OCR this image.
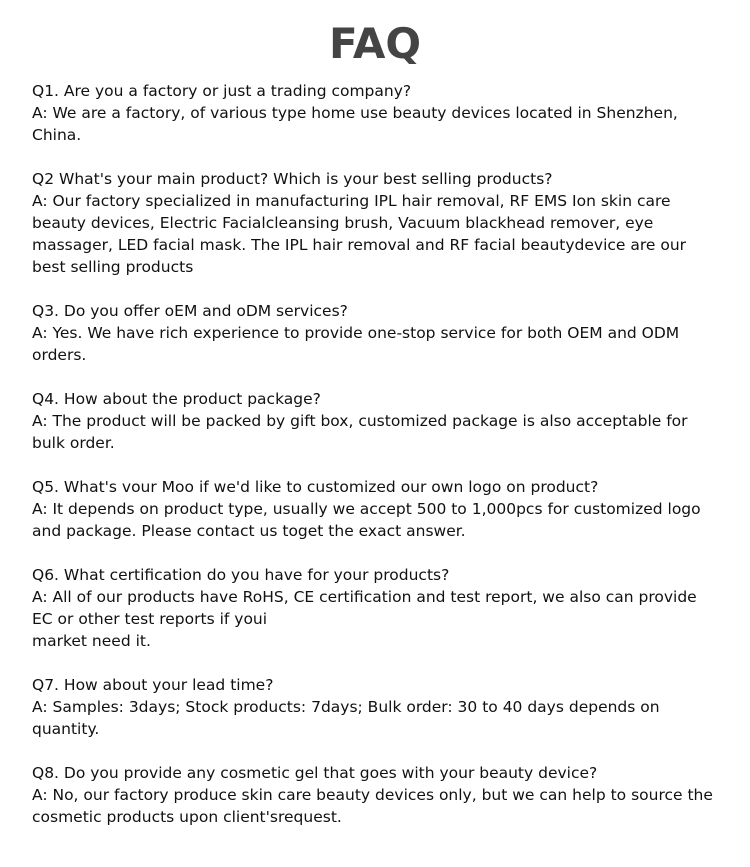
FAQ
Q1. Are you a factory or just a trading company?
A: We are a factory, of various type home use beauty devices located in Shenzhen,
China.
Q2 What's your main product? Which is your best selling products?
A: Our factory specialized in manufacturing IPL hair removal, RF EMS Ion skin care
beauty devices, Electric Facialcleansing brush, Vacuum blackhead remover, eye
massager, LED facial mask. The IPL hair removal and RF facial beautydevice are our
best selling products
Q3. Do you offer oEM and oDM services?
A: Yes. We have rich experience to provide one-stop service for both OEM and ODM
orders.
Q4. How about the product package?
A: The product will be packed by gift box, customized package is also acceptable for
bulk order.
Q5. What's vour Moo if we'd like to customized our own logo on product?
A: It depends on product type, usually we accept 500 to 1,000pcs for customized logo
and package. Please contact us toget the exact answer.
Q6. What certification do you have for your products?
A: All of our products have RoHS, CE certification and test report, we also can provide
EC or other test reports if youi
market need it.
Q7. How about your lead time?
A: Samples: 3days; Stock products: 7days; Bulk order: 30 to 40 days depends on
quantity.
Q8. Do you provide any cosmetic gel that goes with your beauty device?
A: No, our factory produce skin care beauty devices only, but we can help to source the
cosmetic products upon client'srequest.
